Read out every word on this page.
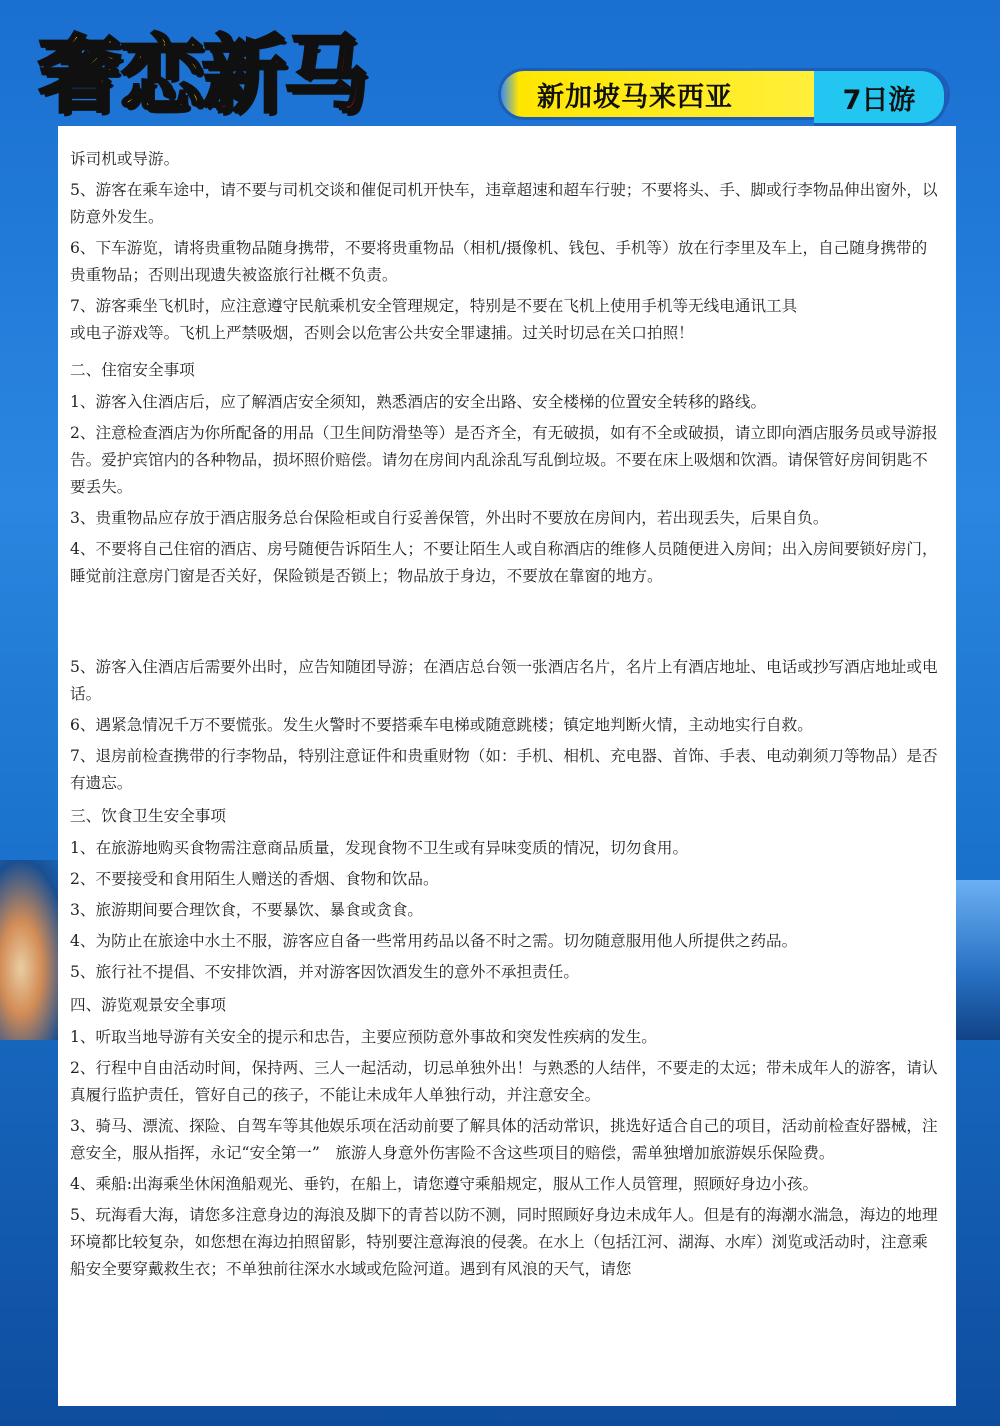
奢恋新马	新加坡马来西亚	7日游

诉司机或导游。

5、游客在乘车途中，请不要与司机交谈和催促司机开快车，违章超速和超车行驶；不要将头、手、脚或行李物品伸出窗外，以防意外发生。

6、下车游览，请将贵重物品随身携带，不要将贵重物品（相机/摄像机、钱包、手机等）放在行李里及车上，自己随身携带的贵重物品；否则出现遗失被盗旅行社概不负责。

7、游客乘坐飞机时，应注意遵守民航乘机安全管理规定，特别是不要在飞机上使用手机等无线电通讯工具

或电子游戏等。飞机上严禁吸烟，否则会以危害公共安全罪逮捕。过关时切忌在关口拍照！

二、住宿安全事项

1、游客入住酒店后，应了解酒店安全须知，熟悉酒店的安全出路、安全楼梯的位置安全转移的路线。

2、注意检查酒店为你所配备的用品（卫生间防滑垫等）是否齐全，有无破损，如有不全或破损，请立即向酒店服务员或导游报告。爱护宾馆内的各种物品，损坏照价赔偿。请勿在房间内乱涂乱写乱倒垃圾。不要在床上吸烟和饮酒。请保管好房间钥匙不要丢失。

3、贵重物品应存放于酒店服务总台保险柜或自行妥善保管，外出时不要放在房间内，若出现丢失，后果自负。

4、不要将自己住宿的酒店、房号随便告诉陌生人；不要让陌生人或自称酒店的维修人员随便进入房间；出入房间要锁好房门，睡觉前注意房门窗是否关好，保险锁是否锁上；物品放于身边，不要放在靠窗的地方。

5、游客入住酒店后需要外出时，应告知随团导游；在酒店总台领一张酒店名片，名片上有酒店地址、电话或抄写酒店地址或电话。

6、遇紧急情况千万不要慌张。发生火警时不要搭乘车电梯或随意跳楼；镇定地判断火情，主动地实行自救。

7、退房前检查携带的行李物品，特别注意证件和贵重财物（如：手机、相机、充电器、首饰、手表、电动剃须刀等物品）是否有遗忘。

三、饮食卫生安全事项

1、在旅游地购买食物需注意商品质量，发现食物不卫生或有异味变质的情况，切勿食用。

2、不要接受和食用陌生人赠送的香烟、食物和饮品。

3、旅游期间要合理饮食，不要暴饮、暴食或贪食。

4、为防止在旅途中水土不服，游客应自备一些常用药品以备不时之需。切勿随意服用他人所提供之药品。

5、旅行社不提倡、不安排饮酒，并对游客因饮酒发生的意外不承担责任。

四、游览观景安全事项

1、听取当地导游有关安全的提示和忠告，主要应预防意外事故和突发性疾病的发生。

2、行程中自由活动时间，保持两、三人一起活动，切忌单独外出！与熟悉的人结伴，不要走的太远；带未成年人的游客，请认真履行监护责任，管好自己的孩子，不能让未成年人单独行动，并注意安全。

3、骑马、漂流、探险、自驾车等其他娱乐项在活动前要了解具体的活动常识，挑选好适合自己的项目，活动前检查好器械，注意安全，服从指挥，永记“安全第一”　旅游人身意外伤害险不含这些项目的赔偿，需单独增加旅游娱乐保险费。

4、乘船:出海乘坐休闲渔船观光、垂钓，在船上，请您遵守乘船规定，服从工作人员管理，照顾好身边小孩。

5、玩海看大海，请您多注意身边的海浪及脚下的青苔以防不测，同时照顾好身边未成年人。但是有的海潮水湍急，海边的地理环境都比较复杂，如您想在海边拍照留影，特别要注意海浪的侵袭。在水上（包括江河、湖海、水库）浏览或活动时，注意乘船安全要穿戴救生衣；不单独前往深水水域或危险河道。遇到有风浪的天气，请您
